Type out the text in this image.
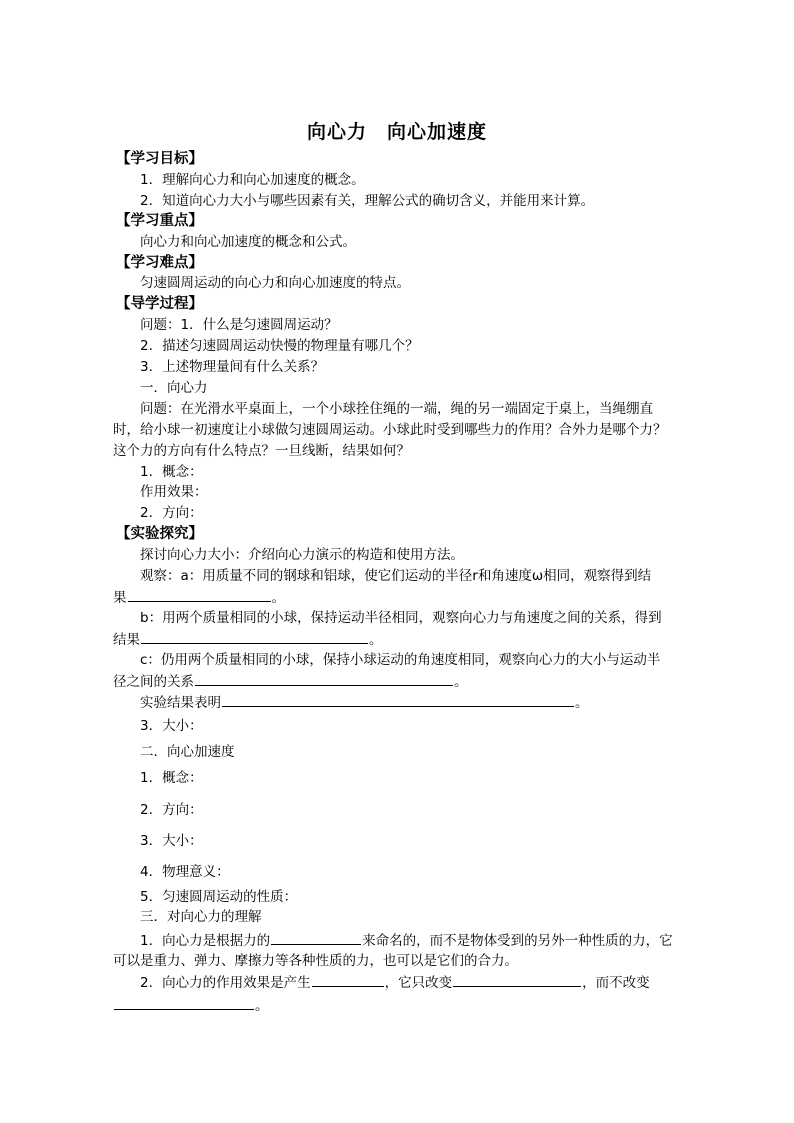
向心力　向心加速度
【学习目标】
1．理解向心力和向心加速度的概念。
2．知道向心力大小与哪些因素有关，理解公式的确切含义，并能用来计算。
【学习重点】
向心力和向心加速度的概念和公式。
【学习难点】
匀速圆周运动的向心力和向心加速度的特点。
【导学过程】
问题：1．什么是匀速圆周运动？
2．描述匀速圆周运动快慢的物理量有哪几个？
3．上述物理量间有什么关系？
一．向心力
问题：在光滑水平桌面上，一个小球拴住绳的一端，绳的另一端固定于桌上，当绳绷直
时，给小球一初速度让小球做匀速圆周运动。小球此时受到哪些力的作用？合外力是哪个力？
这个力的方向有什么特点？一旦线断，结果如何？
1．概念：
作用效果：
2．方向：
【实验探究】
探讨向心力大小：介绍向心力演示的构造和使用方法。
观察：a：用质量不同的钢球和铝球，使它们运动的半径r和角速度ω相同，观察得到结
果	。
b：用两个质量相同的小球，保持运动半径相同，观察向心力与角速度之间的关系，得到
结果	。
c：仍用两个质量相同的小球，保持小球运动的角速度相同，观察向心力的大小与运动半
径之间的关系	。
实验结果表明	。
3．大小：
二．向心加速度
1．概念：
2．方向：
3．大小：
4．物理意义：
5．匀速圆周运动的性质：
三．对向心力的理解
1．向心力是根据力的	来命名的，而不是物体受到的另外一种性质的力，它
可以是重力、弹力、摩擦力等各种性质的力，也可以是它们的合力。
2．向心力的作用效果是产生	，它只改变	，而不改变
。
